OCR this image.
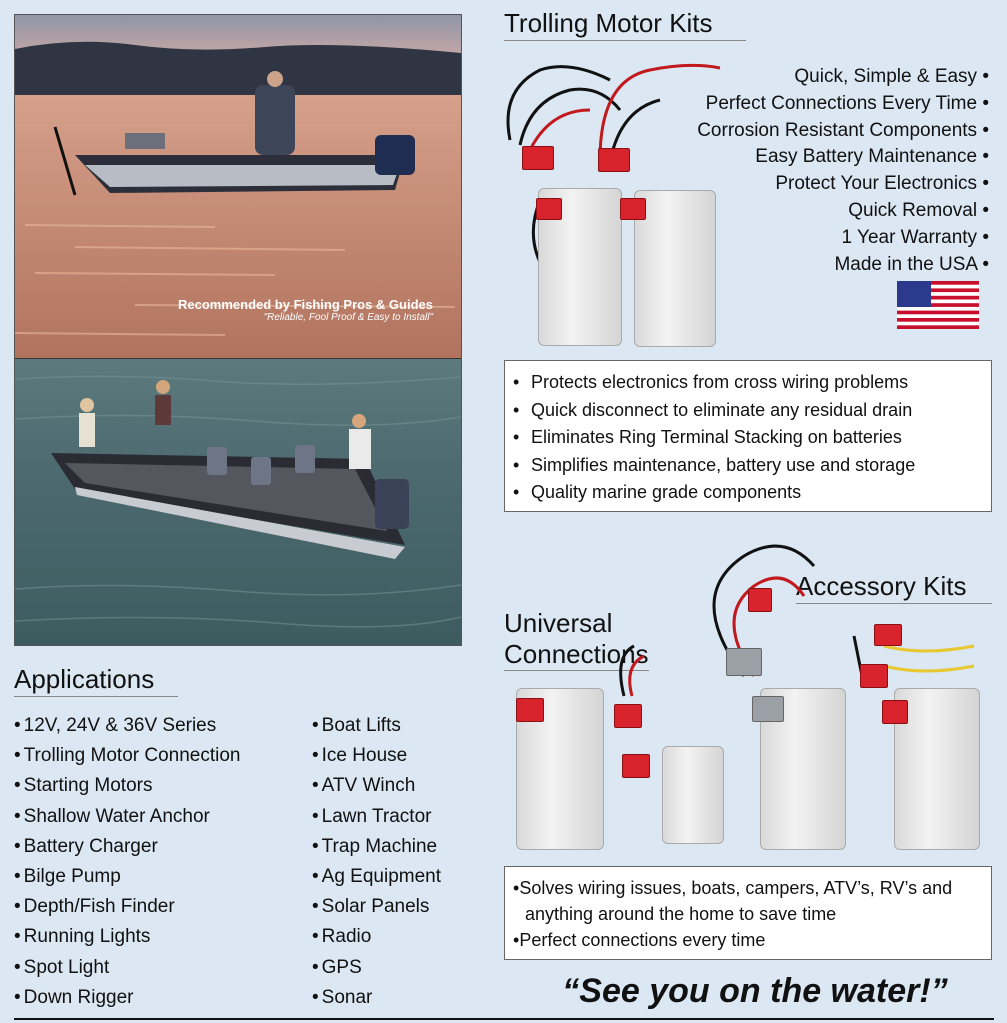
Recommended by Fishing Pros & Guides
"Reliable, Fool Proof & Easy to Install"
Trolling Motor Kits
Quick, Simple & Easy •
Perfect Connections Every Time •
Corrosion Resistant Components •
Easy Battery Maintenance •
Protect Your Electronics •
Quick Removal •
1 Year Warranty •
Made in the USA •
• Protects electronics from cross wiring problems
• Quick disconnect to eliminate any residual drain
• Eliminates Ring Terminal Stacking on batteries
• Simplifies maintenance, battery use and storage
• Quality marine grade components
Universal
Connections
Accessory Kits
• Solves wiring issues, boats, campers, ATV’s, RV’s and anything around the home to save time
• Perfect connections every time
Applications
• 12V, 24V & 36V Series
• Trolling Motor Connection
• Starting Motors
• Shallow Water Anchor
• Battery Charger
• Bilge Pump
• Depth/Fish Finder
• Running Lights
• Spot Light
• Down Rigger
• Boat Lifts
• Ice House
• ATV Winch
• Lawn Tractor
• Trap Machine
• Ag Equipment
• Solar Panels
• Radio
• GPS
• Sonar	“See you on the water!”
